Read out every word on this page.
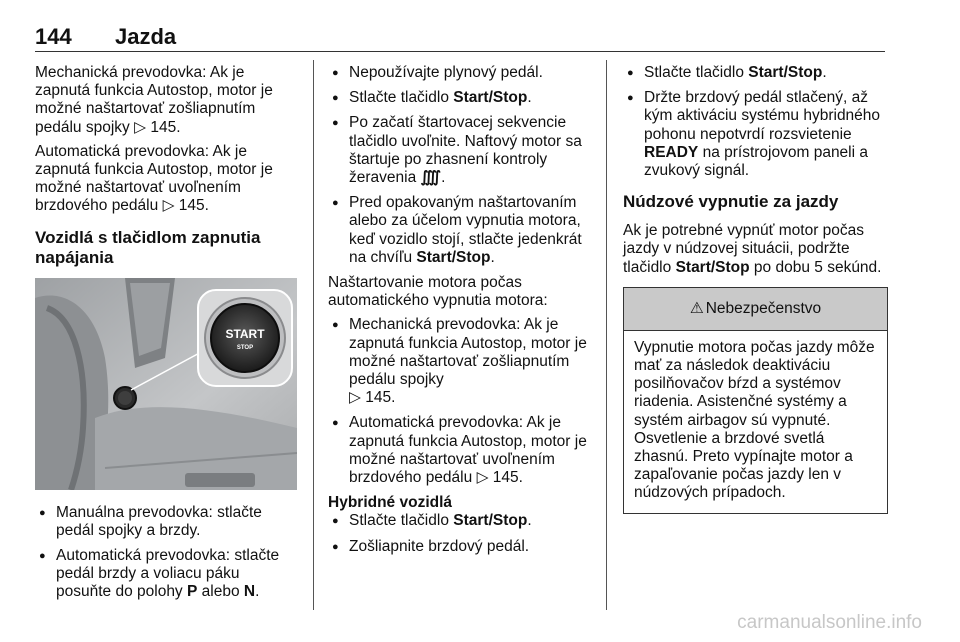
144 Jazda

Mechanická prevodovka: Ak je zapnutá funkcia Autostop, motor je možné naštartovať zošliapnutím pedálu spojky ▷ 145.

Automatická prevodovka: Ak je zapnutá funkcia Autostop, motor je možné naštartovať uvoľnením brzdového pedálu ▷ 145.

Vozidlá s tlačidlom zapnutia napájania
START
STOP
● Manuálna prevodovka: stlačte pedál spojky a brzdy.
● Automatická prevodovka: stlačte pedál brzdy a voliacu páku posuňte do polohy P alebo N.
● Nepoužívajte plynový pedál.
● Stlačte tlačidlo Start/Stop.
● Po začatí štartovacej sekvencie tlačidlo uvoľnite. Naftový motor sa štartuje po zhasnení kontroly žeravenia ⨌.
● Pred opakovaným naštartovaním alebo za účelom vypnutia motora, keď vozidlo stojí, stlačte jedenkrát na chvíľu Start/Stop.

Naštartovanie motora počas automatického vypnutia motora:

● Mechanická prevodovka: Ak je zapnutá funkcia Autostop, motor je možné naštartovať zošliapnutím pedálu spojky
▷ 145.
● Automatická prevodovka: Ak je zapnutá funkcia Autostop, motor je možné naštartovať uvoľnením brzdového pedálu ▷ 145.
Hybridné vozidlá
● Stlačte tlačidlo Start/Stop.
● Zošliapnite brzdový pedál.
● Stlačte tlačidlo Start/Stop.
● Držte brzdový pedál stlačený, až kým aktiváciu systému hybridného pohonu nepotvrdí rozsvietenie READY na prístrojovom paneli a zvukový signál.
Núdzové vypnutie za jazdy

Ak je potrebné vypnúť motor počas jazdy v núdzovej situácii, podržte tlačidlo Start/Stop po dobu 5 sekúnd.

⚠ Nebezpečenstvo
Vypnutie motora počas jazdy môže mať za následok deaktiváciu posilňovačov bŕzd a systémov riadenia. Asistenčné systémy a systém airbagov sú vypnuté. Osvetlenie a brzdové svetlá zhasnú. Preto vypínajte motor a zapaľovanie počas jazdy len v núdzových prípadoch.
carmanualsonline.info
